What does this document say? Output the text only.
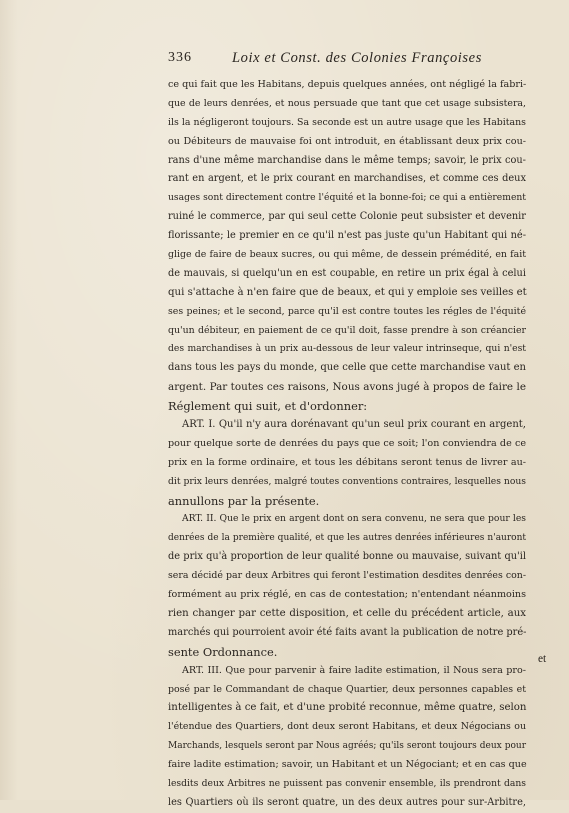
336	Loix et Const. des Colonies Françoises
ce qui fait que les Habitans, depuis quelques années, ont négligé la fabri-
que de leurs denrées, et nous persuade que tant que cet usage subsistera,
ils la négligeront toujours. Sa seconde est un autre usage que les Habitans
ou Débiteurs de mauvaise foi ont introduit, en établissant deux prix cou-
rans d'une même marchandise dans le même temps; savoir, le prix cou-
rant en argent, et le prix courant en marchandises, et comme ces deux
usages sont directement contre l'équité et la bonne-foi; ce qui a entièrement
ruiné le commerce, par qui seul cette Colonie peut subsister et devenir
florissante; le premier en ce qu'il n'est pas juste qu'un Habitant qui né-
glige de faire de beaux sucres, ou qui même, de dessein prémédité, en fait
de mauvais, si quelqu'un en est coupable, en retire un prix égal à celui
qui s'attache à n'en faire que de beaux, et qui y emploie ses veilles et
ses peines; et le second, parce qu'il est contre toutes les régles de l'équité
qu'un débiteur, en paiement de ce qu'il doit, fasse prendre à son créancier
des marchandises à un prix au-dessous de leur valeur intrinseque, qui n'est
dans tous les pays du monde, que celle que cette marchandise vaut en
argent. Par toutes ces raisons, Nous avons jugé à propos de faire le
Réglement qui suit, et d'ordonner:
ART. I. Qu'il n'y aura dorénavant qu'un seul prix courant en argent,
pour quelque sorte de denrées du pays que ce soit; l'on conviendra de ce
prix en la forme ordinaire, et tous les débitans seront tenus de livrer au-
dit prix leurs denrées, malgré toutes conventions contraires, lesquelles nous
annullons par la présente.
ART. II. Que le prix en argent dont on sera convenu, ne sera que pour les
denrées de la première qualité, et que les autres denrées inférieures n'auront
de prix qu'à proportion de leur qualité bonne ou mauvaise, suivant qu'il
sera décidé par deux Arbitres qui feront l'estimation desdites denrées con-
formément au prix réglé, en cas de contestation; n'entendant néanmoins
rien changer par cette disposition, et celle du précédent article, aux
marchés qui pourroient avoir été faits avant la publication de notre pré-
sente Ordonnance.
ART. III. Que pour parvenir à faire ladite estimation, il Nous sera pro-
posé par le Commandant de chaque Quartier, deux personnes capables et
intelligentes à ce fait, et d'une probité reconnue, même quatre, selon
l'étendue des Quartiers, dont deux seront Habitans, et deux Négocians ou
Marchands, lesquels seront par Nous agréés; qu'ils seront toujours deux pour
faire ladite estimation; savoir, un Habitant et un Négociant; et en cas que
lesdits deux Arbitres ne puissent pas convenir ensemble, ils prendront dans
les Quartiers où ils seront quatre, un des deux autres pour sur-Arbitre,
et
